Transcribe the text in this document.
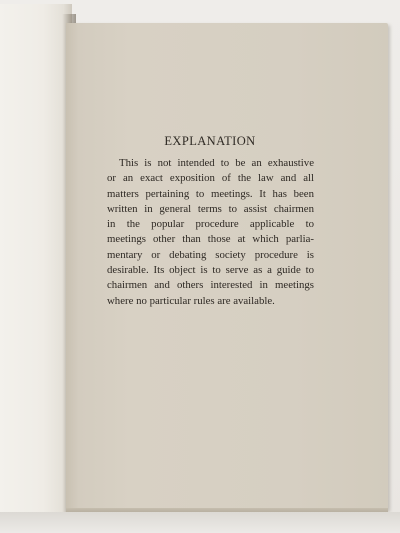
EXPLANATION
This is not intended to be an exhaustive
or an exact exposition of the law and all
matters pertaining to meetings. It has been
written in general terms to assist chairmen
in the popular procedure applicable to
meetings other than those at which parlia-
mentary or debating society procedure is
desirable. Its object is to serve as a guide to
chairmen and others interested in meetings
where no particular rules are available.
